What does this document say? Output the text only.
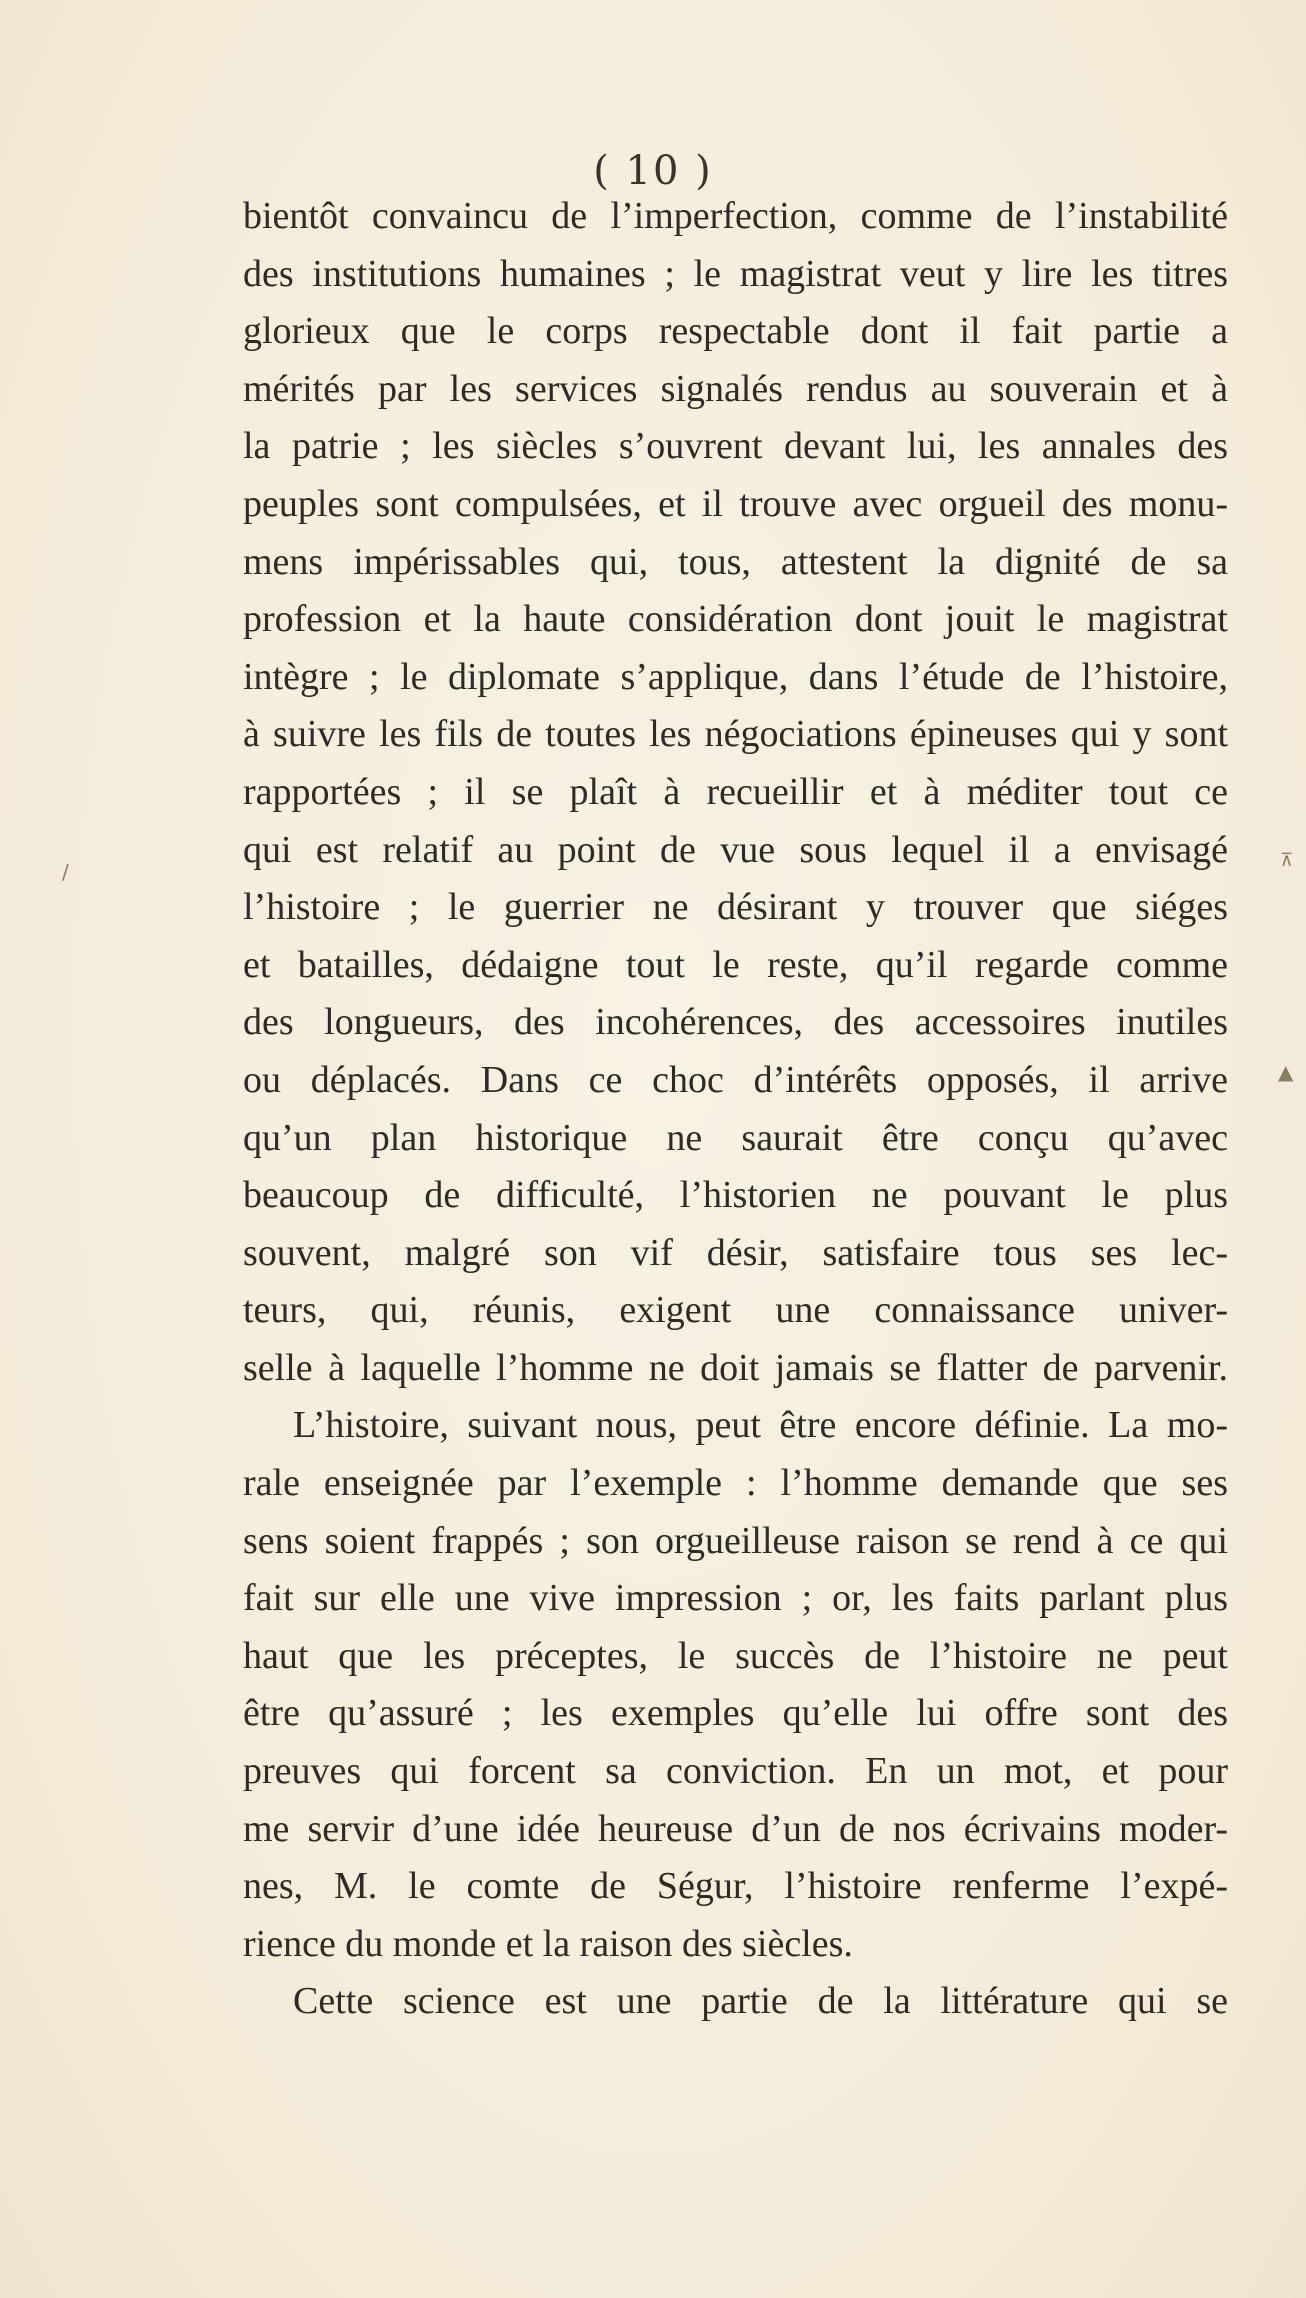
( 10 )
bientôt convaincu de l’imperfection, comme de l’instabilité
des institutions humaines ; le magistrat veut y lire les titres
glorieux que le corps respectable dont il fait partie a
mérités par les services signalés rendus au souverain et à
la patrie ; les siècles s’ouvrent devant lui, les annales des
peuples sont compulsées, et il trouve avec orgueil des monu-
mens impérissables qui, tous, attestent la dignité de sa
profession et la haute considération dont jouit le magistrat
intègre ; le diplomate s’applique, dans l’étude de l’histoire,
à suivre les fils de toutes les négociations épineuses qui y sont
rapportées ; il se plaît à recueillir et à méditer tout ce
qui est relatif au point de vue sous lequel il a envisagé
l’histoire ; le guerrier ne désirant y trouver que siéges
et batailles, dédaigne tout le reste, qu’il regarde comme
des longueurs, des incohérences, des accessoires inutiles
ou déplacés. Dans ce choc d’intérêts opposés, il arrive
qu’un plan historique ne saurait être conçu qu’avec
beaucoup de difficulté, l’historien ne pouvant le plus
souvent, malgré son vif désir, satisfaire tous ses lec-
teurs, qui, réunis, exigent une connaissance univer-
selle à laquelle l’homme ne doit jamais se flatter de parvenir.
L’histoire, suivant nous, peut être encore définie. La mo-
rale enseignée par l’exemple : l’homme demande que ses
sens soient frappés ; son orgueilleuse raison se rend à ce qui
fait sur elle une vive impression ; or, les faits parlant plus
haut que les préceptes, le succès de l’histoire ne peut
être qu’assuré ; les exemples qu’elle lui offre sont des
preuves qui forcent sa conviction. En un mot, et pour
me servir d’une idée heureuse d’un de nos écrivains moder-
nes, M. le comte de Ségur, l’histoire renferme l’expé-
rience du monde et la raison des siècles.
Cette science est une partie de la littérature qui se
⊼
▲
/
